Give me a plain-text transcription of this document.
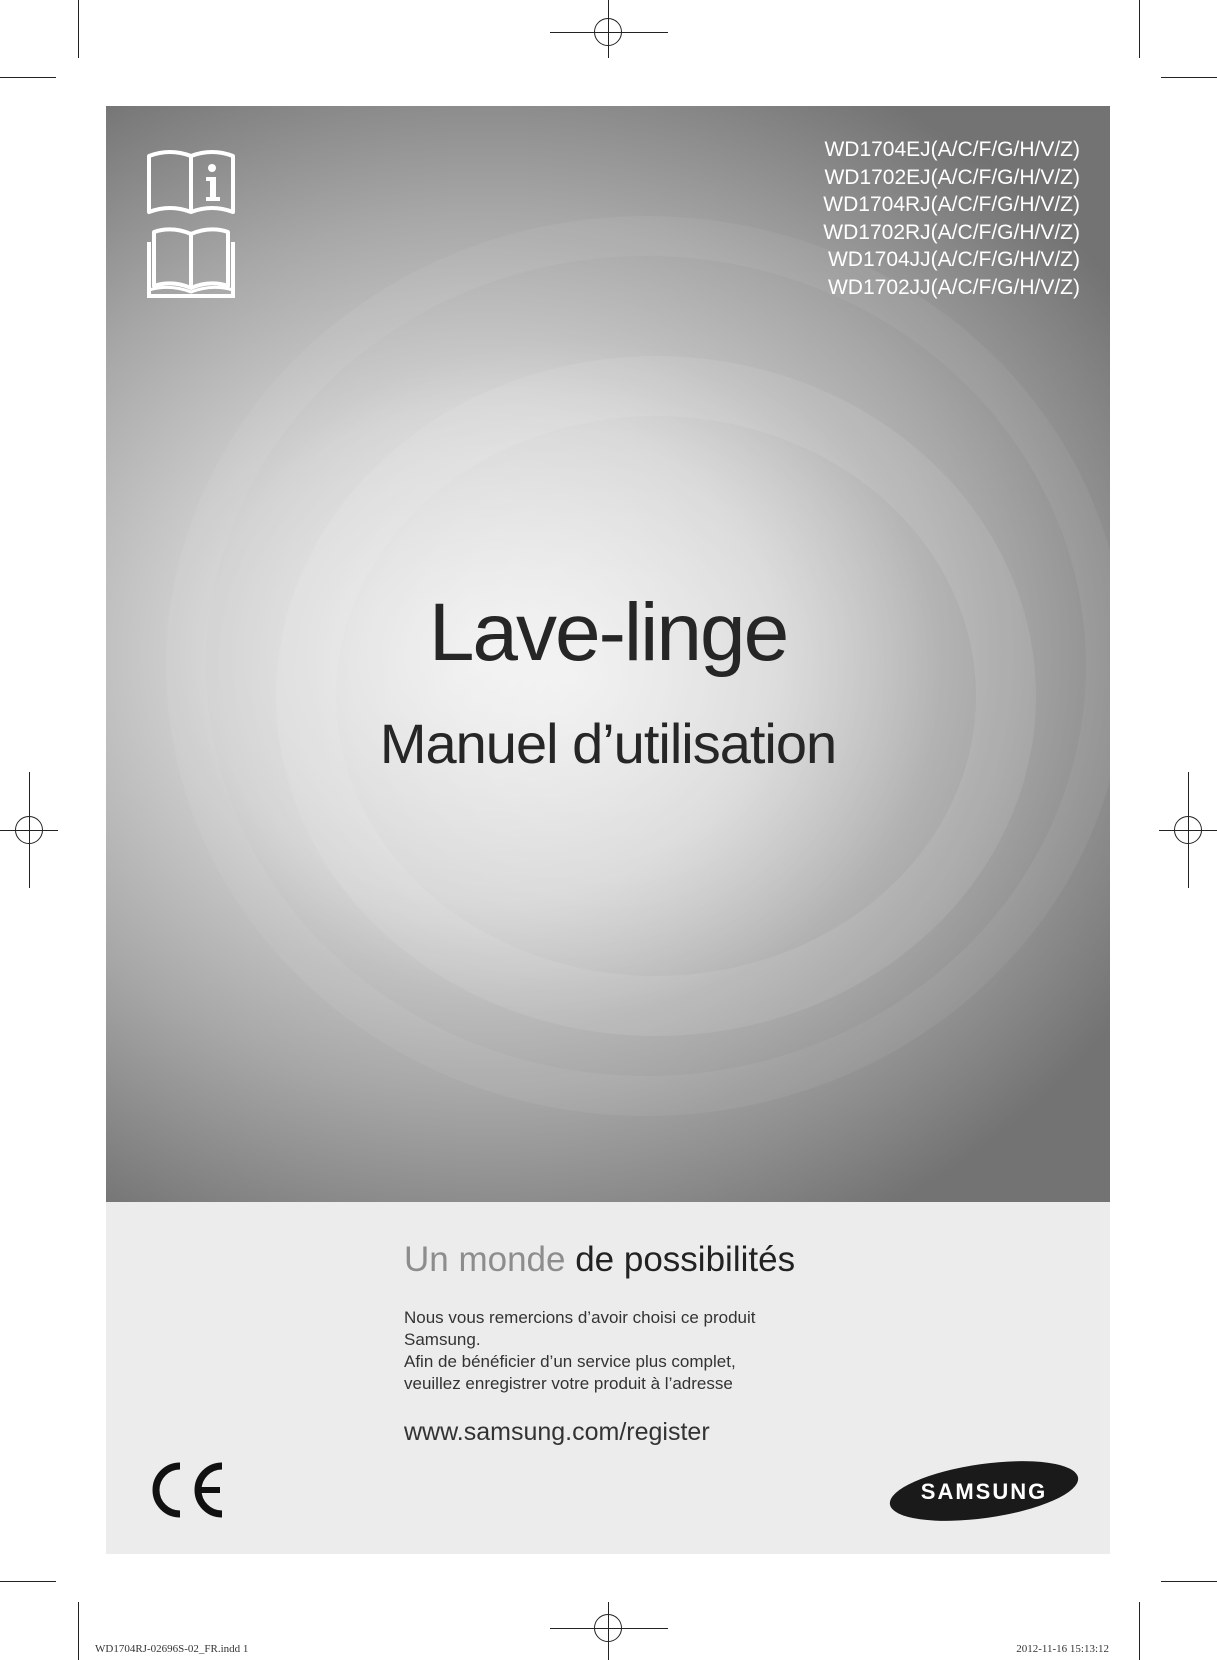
WD1704EJ(A/C/F/G/H/V/Z)
WD1702EJ(A/C/F/G/H/V/Z)
WD1704RJ(A/C/F/G/H/V/Z)
WD1702RJ(A/C/F/G/H/V/Z)
WD1704JJ(A/C/F/G/H/V/Z)
WD1702JJ(A/C/F/G/H/V/Z)
Lave-linge
Manuel d’utilisation
Un monde de possibilités
Nous vous remercions d’avoir choisi ce produit
Samsung.
Afin de bénéficier d’un service plus complet,
veuillez enregistrer votre produit à l’adresse
www.samsung.com/register
SAMSUNG
WD1704RJ-02696S-02_FR.indd 1	2012-11-16 15:13:12
